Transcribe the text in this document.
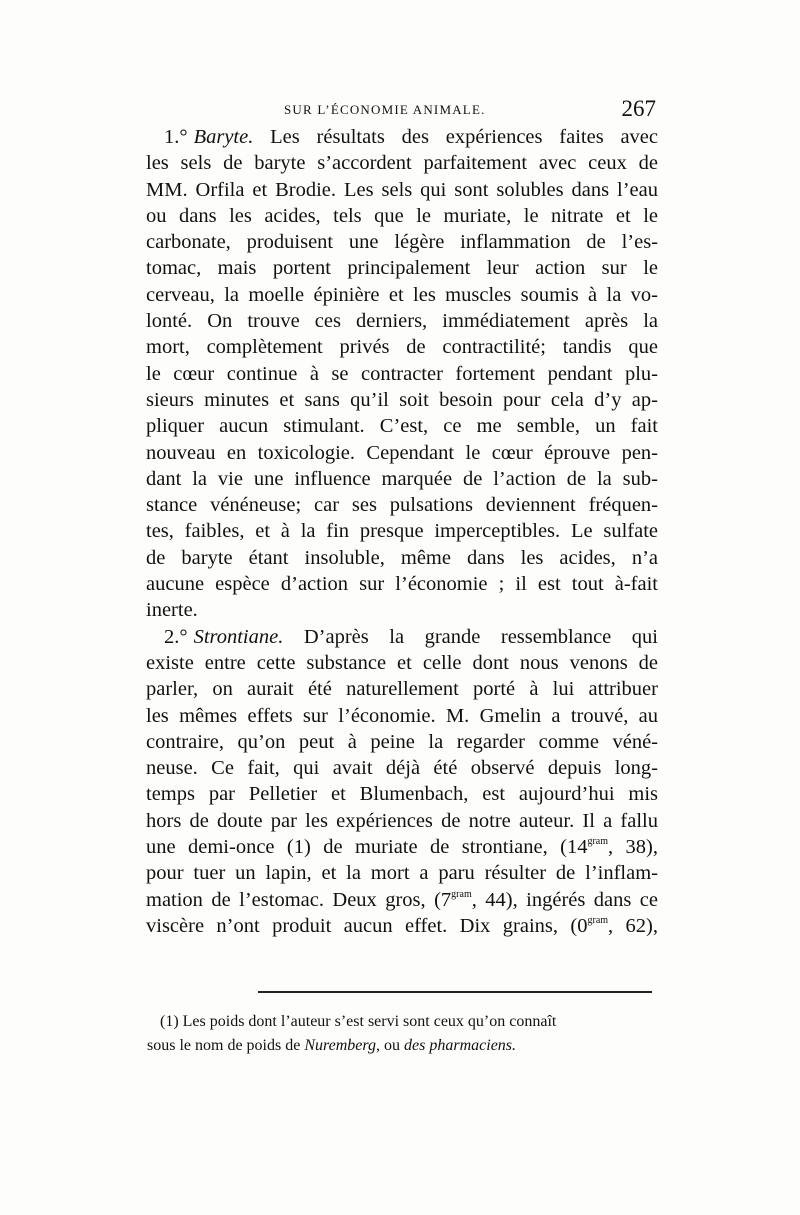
SUR L’ÉCONOMIE ANIMALE.	267
1.° Baryte. Les résultats des expériences faites avec
les sels de baryte s’accordent parfaitement avec ceux de
MM. Orfila et Brodie. Les sels qui sont solubles dans l’eau
ou dans les acides, tels que le muriate, le nitrate et le
carbonate, produisent une légère inflammation de l’es-
tomac, mais portent principalement leur action sur le
cerveau, la moelle épinière et les muscles soumis à la vo-
lonté. On trouve ces derniers, immédiatement après la
mort, complètement privés de contractilité; tandis que
le cœur continue à se contracter fortement pendant plu-
sieurs minutes et sans qu’il soit besoin pour cela d’y ap-
pliquer aucun stimulant. C’est, ce me semble, un fait
nouveau en toxicologie. Cependant le cœur éprouve pen-
dant la vie une influence marquée de l’action de la sub-
stance vénéneuse; car ses pulsations deviennent fréquen-
tes, faibles, et à la fin presque imperceptibles. Le sulfate
de baryte étant insoluble, même dans les acides, n’a
aucune espèce d’action sur l’économie ; il est tout à-fait
inerte.
2.° Strontiane. D’après la grande ressemblance qui
existe entre cette substance et celle dont nous venons de
parler, on aurait été naturellement porté à lui attribuer
les mêmes effets sur l’économie. M. Gmelin a trouvé, au
contraire, qu’on peut à peine la regarder comme véné-
neuse. Ce fait, qui avait déjà été observé depuis long-
temps par Pelletier et Blumenbach, est aujourd’hui mis
hors de doute par les expériences de notre auteur. Il a fallu
une demi-once (1) de muriate de strontiane, ($14^{gram}$, 38),
pour tuer un lapin, et la mort a paru résulter de l’inflam-
mation de l’estomac. Deux gros, ($7^{gram}$, 44), ingérés dans ce
viscère n’ont produit aucun effet. Dix grains, ($0^{gram}$, 62),
(1) Les poids dont l’auteur s’est servi sont ceux qu’on connaît
sous le nom de poids de Nuremberg, ou des pharmaciens.
